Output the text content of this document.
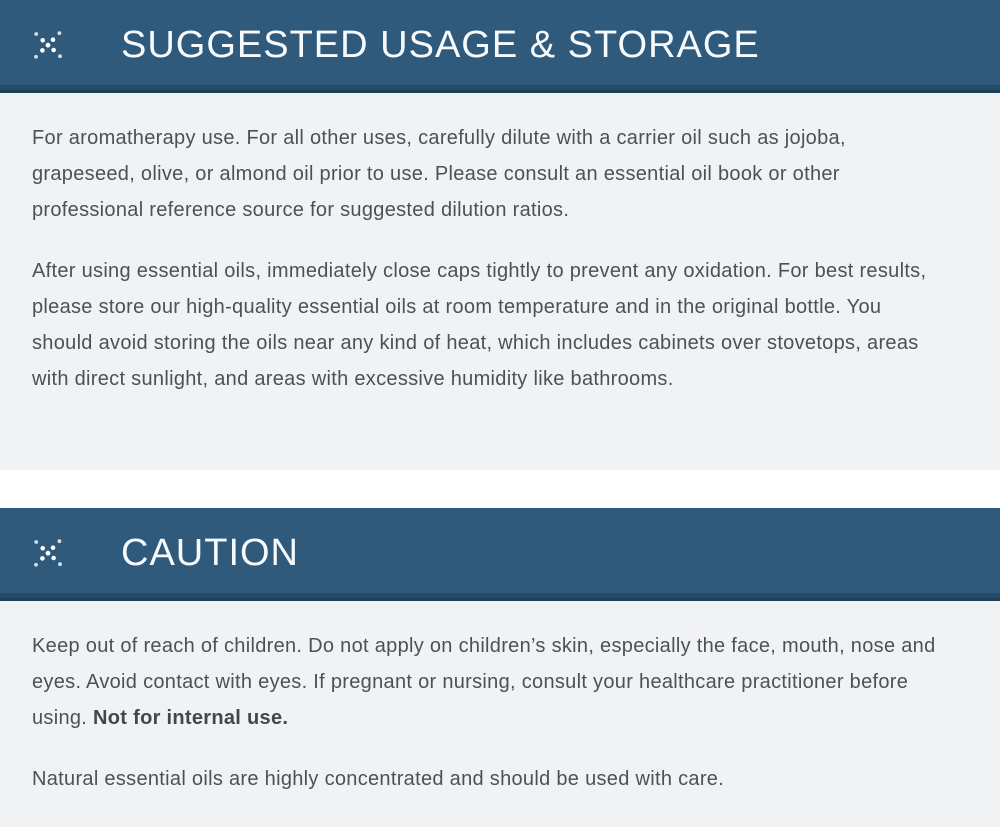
SUGGESTED USAGE & STORAGE

For aromatherapy use. For all other uses, carefully dilute with a carrier oil such as jojoba, grapeseed, olive, or almond oil prior to use. Please consult an essential oil book or other professional reference source for suggested dilution ratios.

After using essential oils, immediately close caps tightly to prevent any oxidation. For best results, please store our high-quality essential oils at room temperature and in the original bottle. You should avoid storing the oils near any kind of heat, which includes cabinets over stovetops, areas with direct sunlight, and areas with excessive humidity like bathrooms.

CAUTION

Keep out of reach of children. Do not apply on children’s skin, especially the face, mouth, nose and eyes. Avoid contact with eyes. If pregnant or nursing, consult your healthcare practitioner before using. Not for internal use.

Natural essential oils are highly concentrated and should be used with care.
